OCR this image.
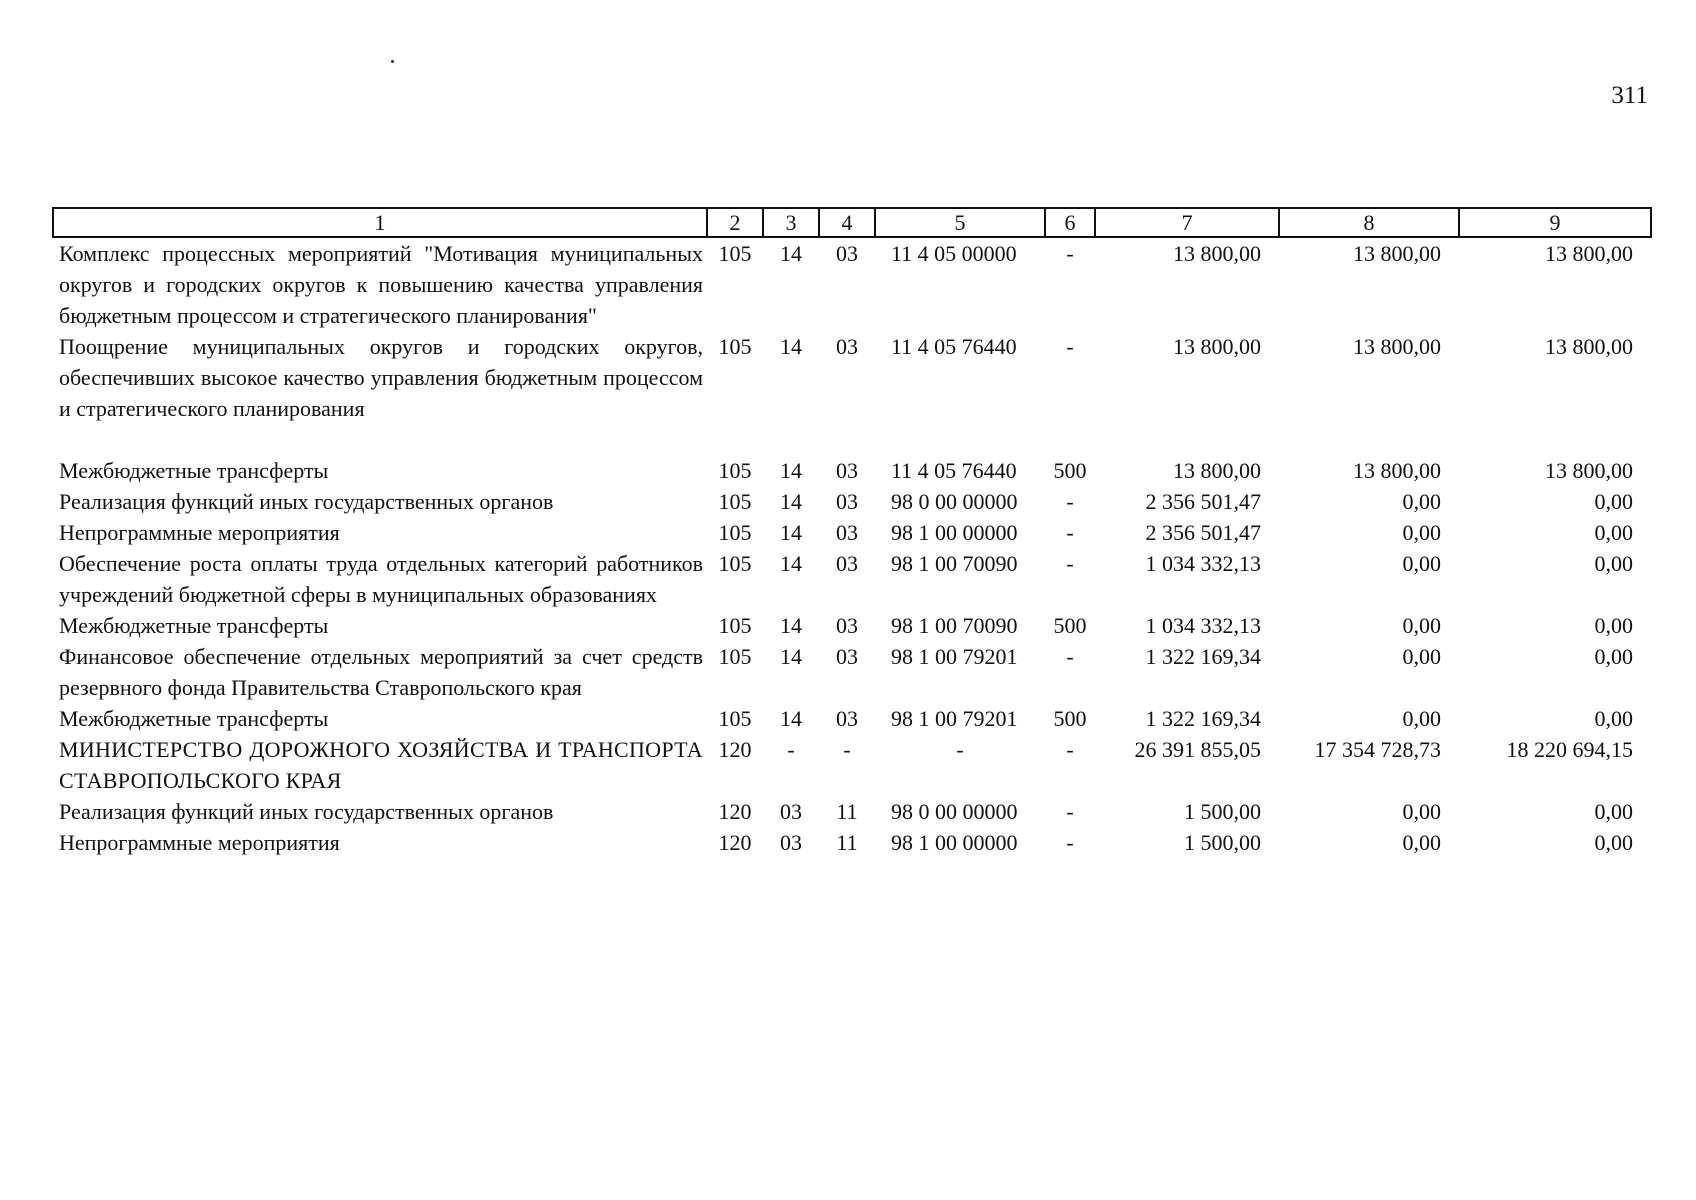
311
1	2	3	4	5	6	7	8	9
Комплекс процессных мероприятий "Мотивация муниципальных округов и городских округов к повышению качества управления бюджетным процессом и стратегического планирования"	105	14	03	11 4 05 00000	-	13 800,00	13 800,00	13 800,00
Поощрение муниципальных округов и городских округов, обеспечивших высокое качество управления бюджетным процессом и стратегического планирования	105	14	03	11 4 05 76440	-	13 800,00	13 800,00	13 800,00

Межбюджетные трансферты	105	14	03	11 4 05 76440	500	13 800,00	13 800,00	13 800,00
Реализация функций иных государственных органов	105	14	03	98 0 00 00000	-	2 356 501,47	0,00	0,00
Непрограммные мероприятия	105	14	03	98 1 00 00000	-	2 356 501,47	0,00	0,00
Обеспечение роста оплаты труда отдельных категорий работников учреждений бюджетной сферы в муниципальных образованиях	105	14	03	98 1 00 70090	-	1 034 332,13	0,00	0,00
Межбюджетные трансферты	105	14	03	98 1 00 70090	500	1 034 332,13	0,00	0,00
Финансовое обеспечение отдельных мероприятий за счет средств резервного фонда Правительства Ставропольского края	105	14	03	98 1 00 79201	-	1 322 169,34	0,00	0,00
Межбюджетные трансферты	105	14	03	98 1 00 79201	500	1 322 169,34	0,00	0,00
МИНИСТЕРСТВО ДОРОЖНОГО ХОЗЯЙСТВА И ТРАНСПОРТА СТАВРОПОЛЬСКОГО КРАЯ	120	-	-	-	-	26 391 855,05	17 354 728,73	18 220 694,15
Реализация функций иных государственных органов	120	03	11	98 0 00 00000	-	1 500,00	0,00	0,00
Непрограммные мероприятия	120	03	11	98 1 00 00000	-	1 500,00	0,00	0,00
